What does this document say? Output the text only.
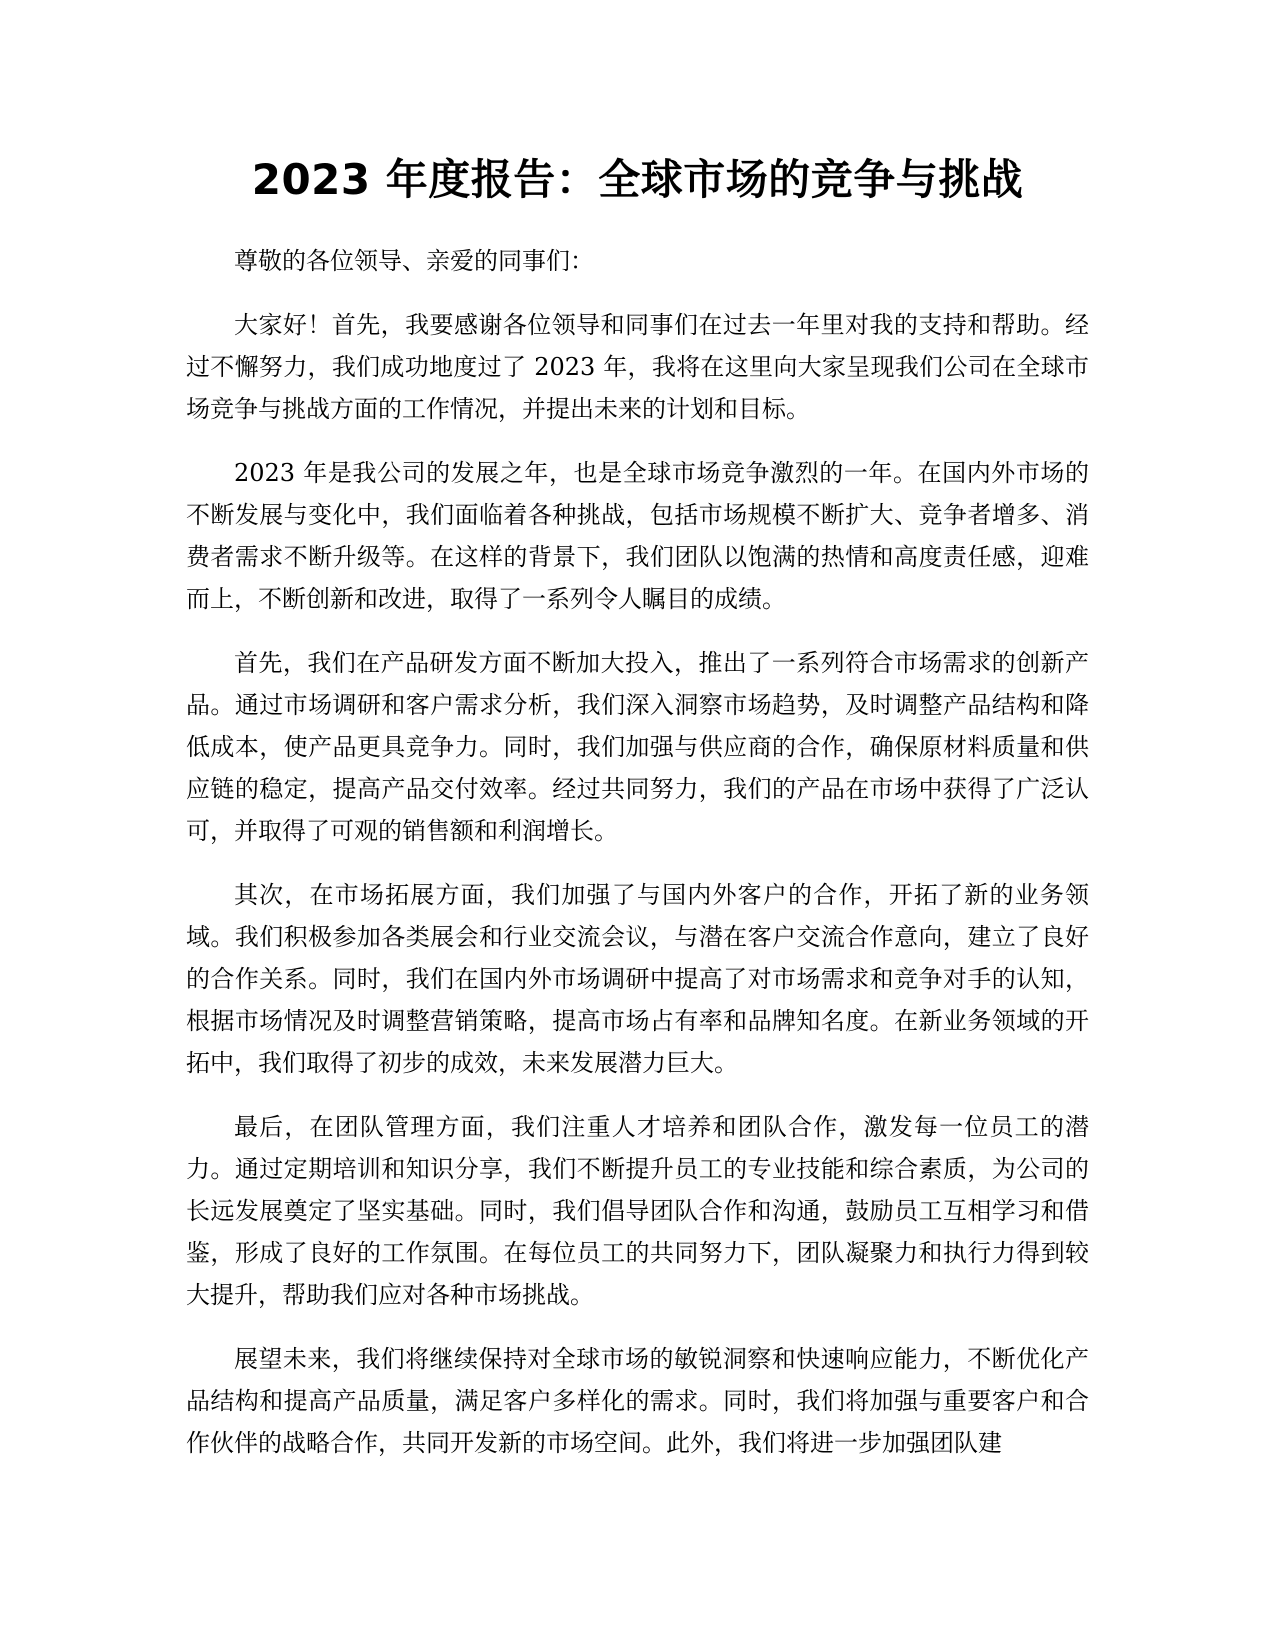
2023 年度报告：全球市场的竞争与挑战

尊敬的各位领导、亲爱的同事们：

大家好！首先，我要感谢各位领导和同事们在过去一年里对我的支持和帮助。经过不懈努力，我们成功地度过了 2023 年，我将在这里向大家呈现我们公司在全球市场竞争与挑战方面的工作情况，并提出未来的计划和目标。

2023 年是我公司的发展之年，也是全球市场竞争激烈的一年。在国内外市场的不断发展与变化中，我们面临着各种挑战，包括市场规模不断扩大、竞争者增多、消费者需求不断升级等。在这样的背景下，我们团队以饱满的热情和高度责任感，迎难而上，不断创新和改进，取得了一系列令人瞩目的成绩。

首先，我们在产品研发方面不断加大投入，推出了一系列符合市场需求的创新产品。通过市场调研和客户需求分析，我们深入洞察市场趋势，及时调整产品结构和降低成本，使产品更具竞争力。同时，我们加强与供应商的合作，确保原材料质量和供应链的稳定，提高产品交付效率。经过共同努力，我们的产品在市场中获得了广泛认可，并取得了可观的销售额和利润增长。

其次，在市场拓展方面，我们加强了与国内外客户的合作，开拓了新的业务领域。我们积极参加各类展会和行业交流会议，与潜在客户交流合作意向，建立了良好的合作关系。同时，我们在国内外市场调研中提高了对市场需求和竞争对手的认知，根据市场情况及时调整营销策略，提高市场占有率和品牌知名度。在新业务领域的开拓中，我们取得了初步的成效，未来发展潜力巨大。

最后，在团队管理方面，我们注重人才培养和团队合作，激发每一位员工的潜力。通过定期培训和知识分享，我们不断提升员工的专业技能和综合素质，为公司的长远发展奠定了坚实基础。同时，我们倡导团队合作和沟通，鼓励员工互相学习和借鉴，形成了良好的工作氛围。在每位员工的共同努力下，团队凝聚力和执行力得到较大提升，帮助我们应对各种市场挑战。

展望未来，我们将继续保持对全球市场的敏锐洞察和快速响应能力，不断优化产品结构和提高产品质量，满足客户多样化的需求。同时，我们将加强与重要客户和合作伙伴的战略合作，共同开发新的市场空间。此外，我们将进一步加强团队建
